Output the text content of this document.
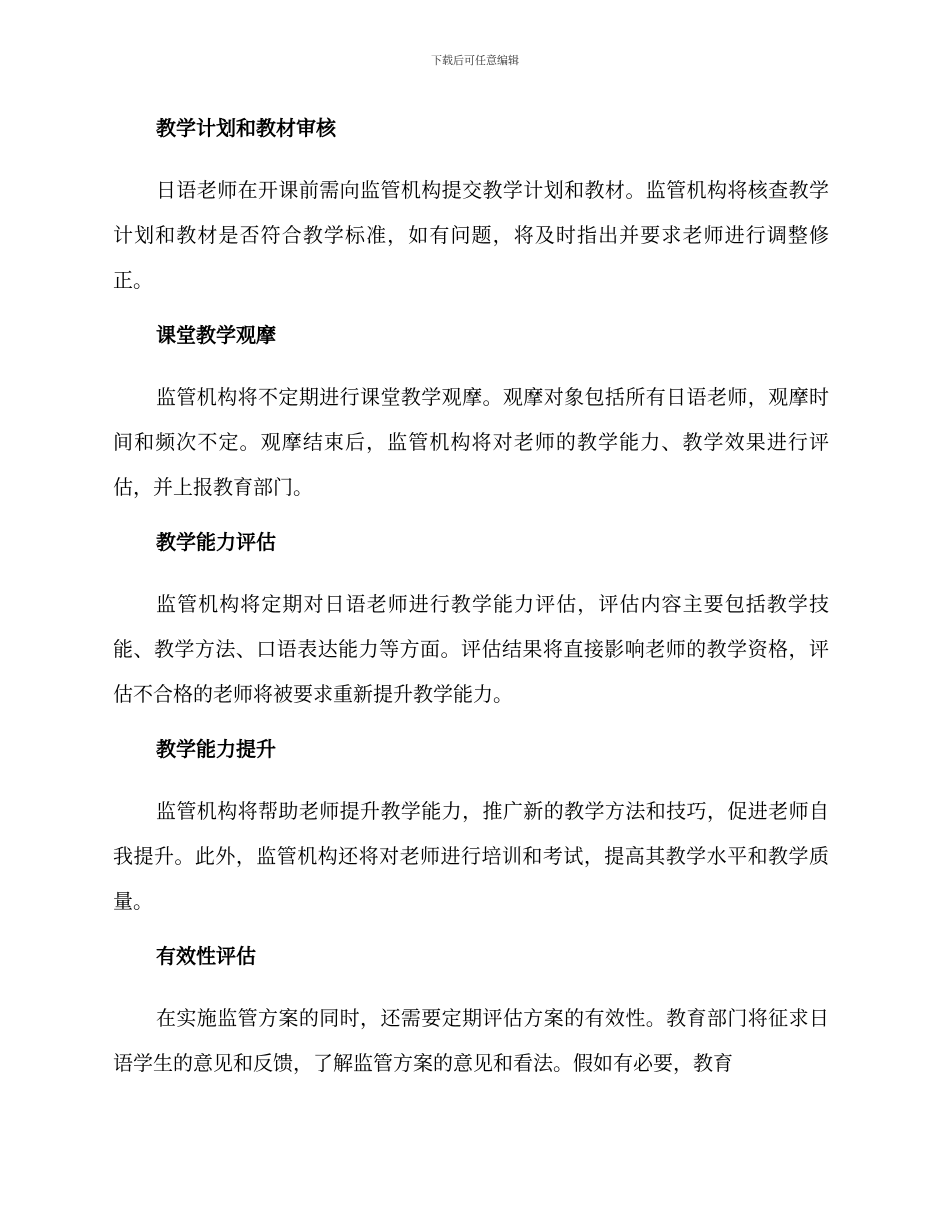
下载后可任意编辑

教学计划和教材审核

日语老师在开课前需向监管机构提交教学计划和教材。监管机构将核查教学计划和教材是否符合教学标准，如有问题，将及时指出并要求老师进行调整修正。

课堂教学观摩

监管机构将不定期进行课堂教学观摩。观摩对象包括所有日语老师，观摩时间和频次不定。观摩结束后，监管机构将对老师的教学能力、教学效果进行评估，并上报教育部门。

教学能力评估

监管机构将定期对日语老师进行教学能力评估，评估内容主要包括教学技能、教学方法、口语表达能力等方面。评估结果将直接影响老师的教学资格，评估不合格的老师将被要求重新提升教学能力。

教学能力提升

监管机构将帮助老师提升教学能力，推广新的教学方法和技巧，促进老师自我提升。此外，监管机构还将对老师进行培训和考试，提高其教学水平和教学质量。

有效性评估

在实施监管方案的同时，还需要定期评估方案的有效性。教育部门将征求日语学生的意见和反馈，了解监管方案的意见和看法。假如有必要，教育
